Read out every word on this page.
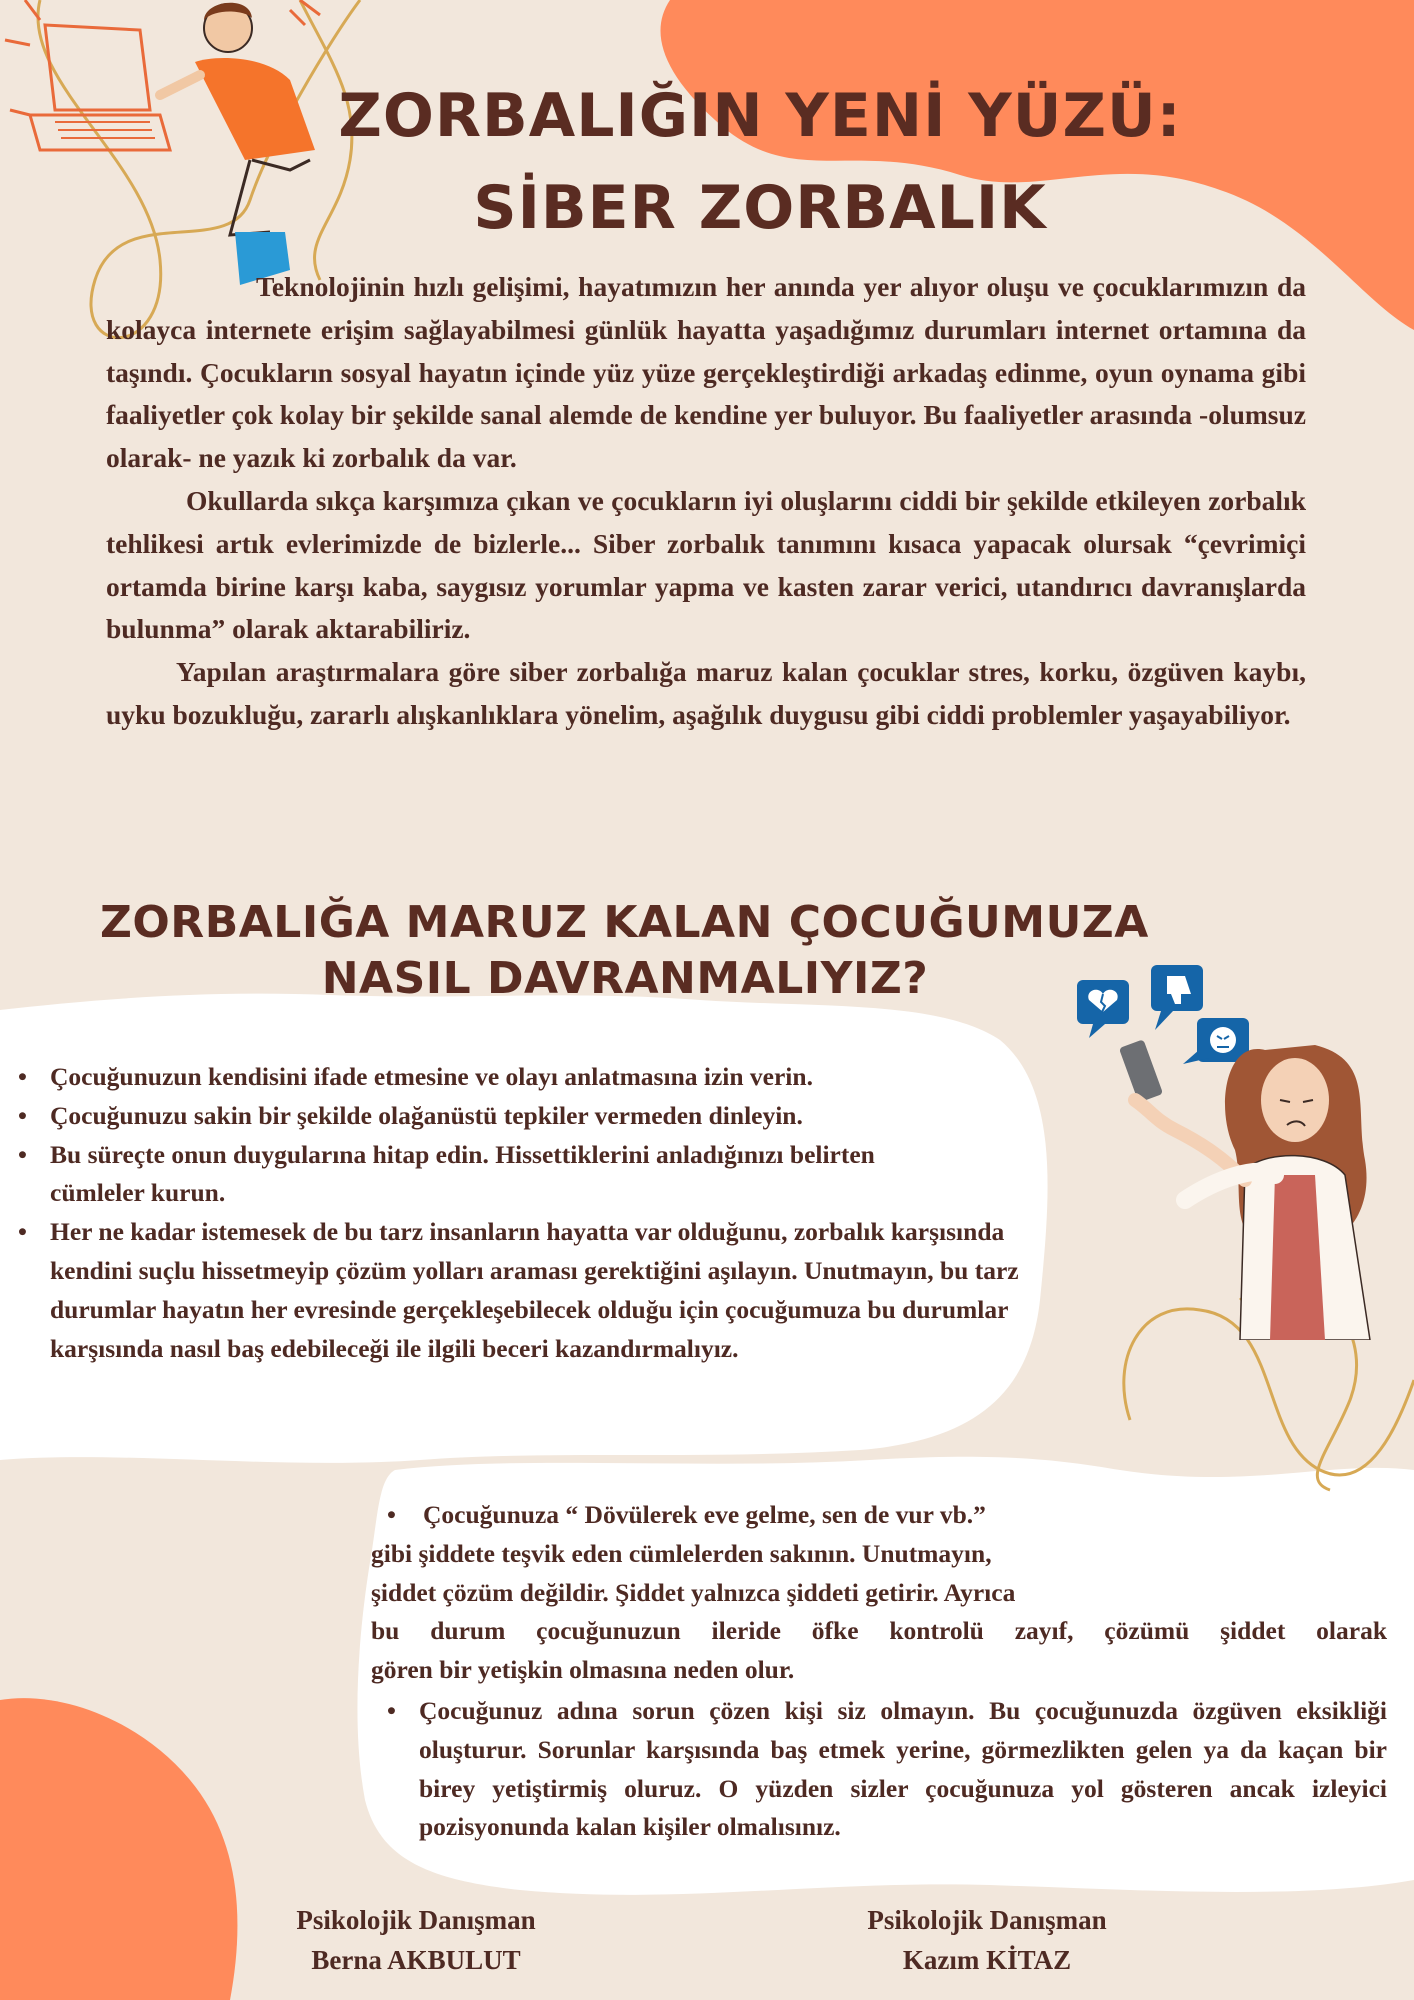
ZORBALIĞIN YENİ YÜZÜ:
SİBER ZORBALIK

Teknolojinin hızlı gelişimi, hayatımızın her anında yer alıyor oluşu ve çocuklarımızın da kolayca internete erişim sağlayabilmesi günlük hayatta yaşadığımız durumları internet ortamına da taşındı. Çocukların sosyal hayatın içinde yüz yüze gerçekleştirdiği arkadaş edinme, oyun oynama gibi faaliyetler çok kolay bir şekilde sanal alemde de kendine yer buluyor. Bu faaliyetler arasında -olumsuz olarak- ne yazık ki zorbalık da var.

Okullarda sıkça karşımıza çıkan ve çocukların iyi oluşlarını ciddi bir şekilde etkileyen zorbalık tehlikesi artık evlerimizde de bizlerle... Siber zorbalık tanımını kısaca yapacak olursak “çevrimiçi ortamda birine karşı kaba, saygısız yorumlar yapma ve kasten zarar verici, utandırıcı davranışlarda bulunma” olarak aktarabiliriz.

Yapılan araştırmalara göre siber zorbalığa maruz kalan çocuklar stres, korku, özgüven kaybı, uyku bozukluğu, zararlı alışkanlıklara yönelim, aşağılık duygusu gibi ciddi problemler yaşayabiliyor.

ZORBALIĞA MARUZ KALAN ÇOCUĞUMUZA
NASIL DAVRANMALIYIZ?
• Çocuğunuzun kendisini ifade etmesine ve olayı anlatmasına izin verin.
• Çocuğunuzu sakin bir şekilde olağanüstü tepkiler vermeden dinleyin.
• Bu süreçte onun duygularına hitap edin. Hissettiklerini anladığınızı belirten cümleler kurun.
• Her ne kadar istemesek de bu tarz insanların hayatta var olduğunu, zorbalık karşısında kendini suçlu hissetmeyip çözüm yolları araması gerektiğini aşılayın. Unutmayın, bu tarz durumlar hayatın her evresinde gerçekleşebilecek olduğu için çocuğumuza bu durumlar karşısında nasıl baş edebileceği ile ilgili beceri kazandırmalıyız.
• Çocuğunuza “ Dövülerek eve gelme, sen de vur vb.”
gibi şiddete teşvik eden cümlelerden sakının. Unutmayın,
şiddet çözüm değildir. Şiddet yalnızca şiddeti getirir. Ayrıca
bu durum çocuğunuzun ileride öfke kontrolü zayıf, çözümü şiddet olarak
gören bir yetişkin olmasına neden olur.
• Çocuğunuz adına sorun çözen kişi siz olmayın. Bu çocuğunuzda özgüven eksikliği oluşturur. Sorunlar karşısında baş etmek yerine, görmezlikten gelen ya da kaçan bir birey yetiştirmiş oluruz. O yüzden sizler çocuğunuza yol gösteren ancak izleyici pozisyonunda kalan kişiler olmalısınız.
Psikolojik Danışman
Berna AKBULUT
Psikolojik Danışman
Kazım KİTAZ
